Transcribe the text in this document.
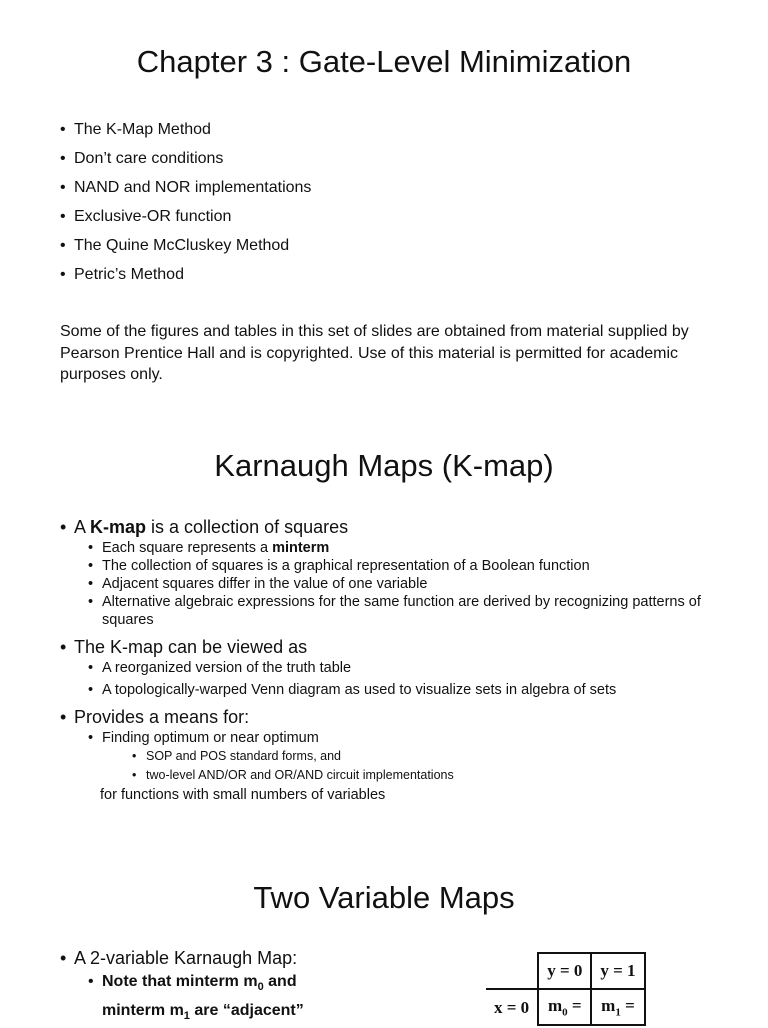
Chapter 3 : Gate-Level Minimization
• The K-Map Method
• Don’t care conditions
• NAND and NOR implementations
• Exclusive-OR function
• The Quine McCluskey Method
• Petric’s Method
Some of the figures and tables in this set of slides are obtained from material supplied by Pearson Prentice Hall and is copyrighted. Use of this material is permitted for academic purposes only.
Karnaugh Maps (K-map)
• A K-map is a collection of squares
• Each square represents a minterm
• The collection of squares is a graphical representation of a Boolean function
• Adjacent squares differ in the value of one variable
• Alternative algebraic expressions for the same function are derived by recognizing patterns of squares
• The K-map can be viewed as
• A reorganized version of the truth table
• A topologically-warped Venn diagram as used to visualize sets in algebra of sets
• Provides a means for:
• Finding optimum or near optimum
• SOP and POS standard forms, and
• two-level AND/OR and OR/AND circuit implementations
for functions with small numbers of variables
Two Variable Maps
• A 2-variable Karnaugh Map:
• Note that minterm $m_0$ and minterm $m_1$ are “adjacent”
	y = 0	y = 1
x = 0	$m_0$ =	$m_1$ =
